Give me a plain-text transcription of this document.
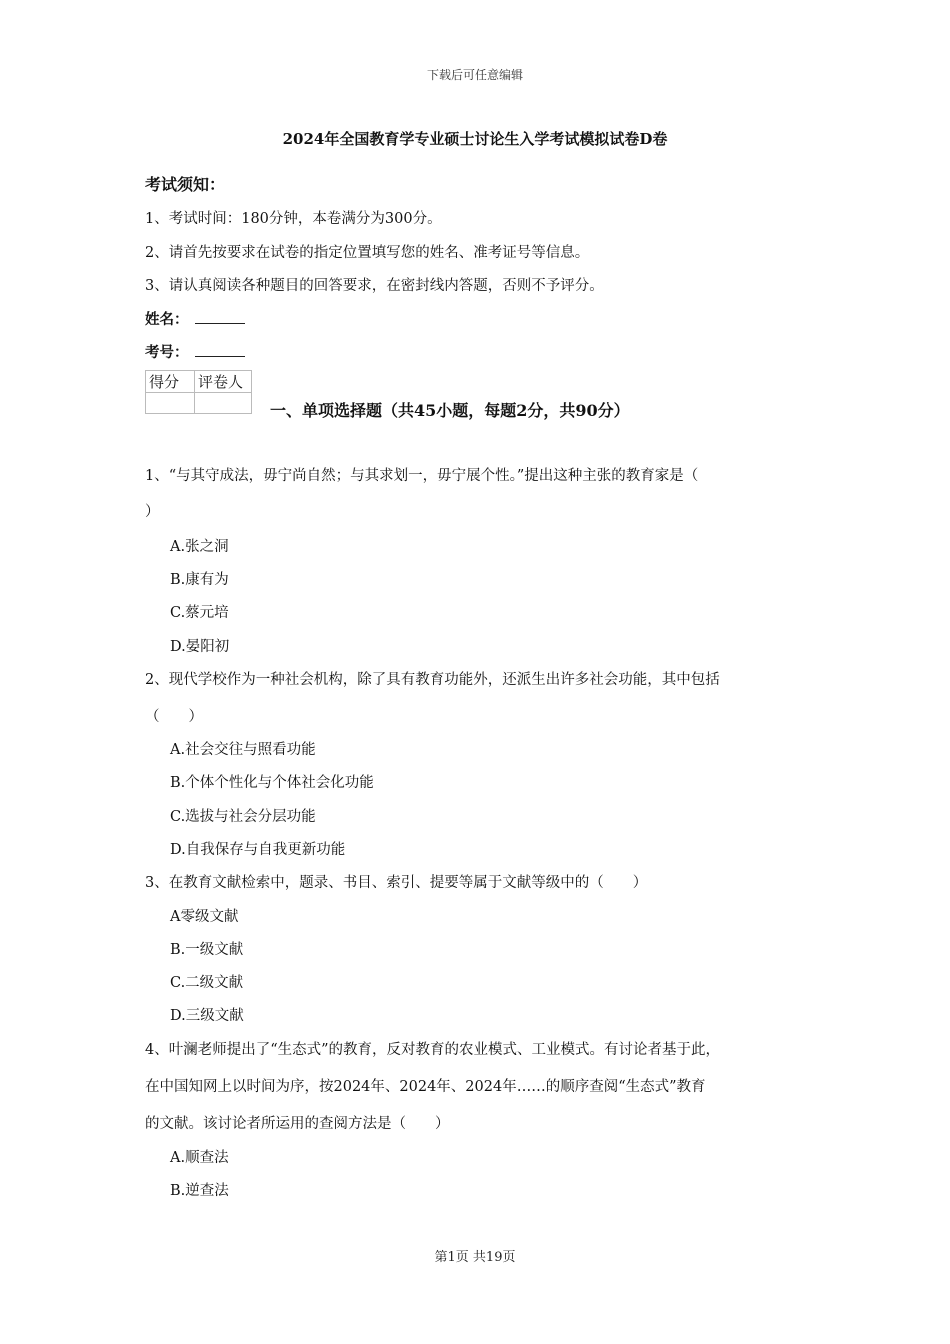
下载后可任意编辑
2024年全国教育学专业硕士讨论生入学考试模拟试卷D卷
考试须知：
1、考试时间：180分钟，本卷满分为300分。
2、请首先按要求在试卷的指定位置填写您的姓名、准考证号等信息。
3、请认真阅读各种题目的回答要求，在密封线内答题，否则不予评分。
姓名：
考号：
得分	评卷人

一、单项选择题（共45小题，每题2分，共90分）
1、“与其守成法，毋宁尚自然；与其求划一，毋宁展个性。”提出这种主张的教育家是（
）
A.张之洞
B.康有为
C.蔡元培
D.晏阳初
2、现代学校作为一种社会机构，除了具有教育功能外，还派生出许多社会功能，其中包括
（　　）
A.社会交往与照看功能
B.个体个性化与个体社会化功能
C.选拔与社会分层功能
D.自我保存与自我更新功能
3、在教育文献检索中，题录、书目、索引、提要等属于文献等级中的（　　）
A零级文献
B.一级文献
C.二级文献
D.三级文献
4、叶澜老师提出了“生态式”的教育，反对教育的农业模式、工业模式。有讨论者基于此，
在中国知网上以时间为序，按2024年、2024年、2024年……的顺序查阅“生态式”教育
的文献。该讨论者所运用的查阅方法是（　　）
A.顺查法
B.逆查法
第1页 共19页
